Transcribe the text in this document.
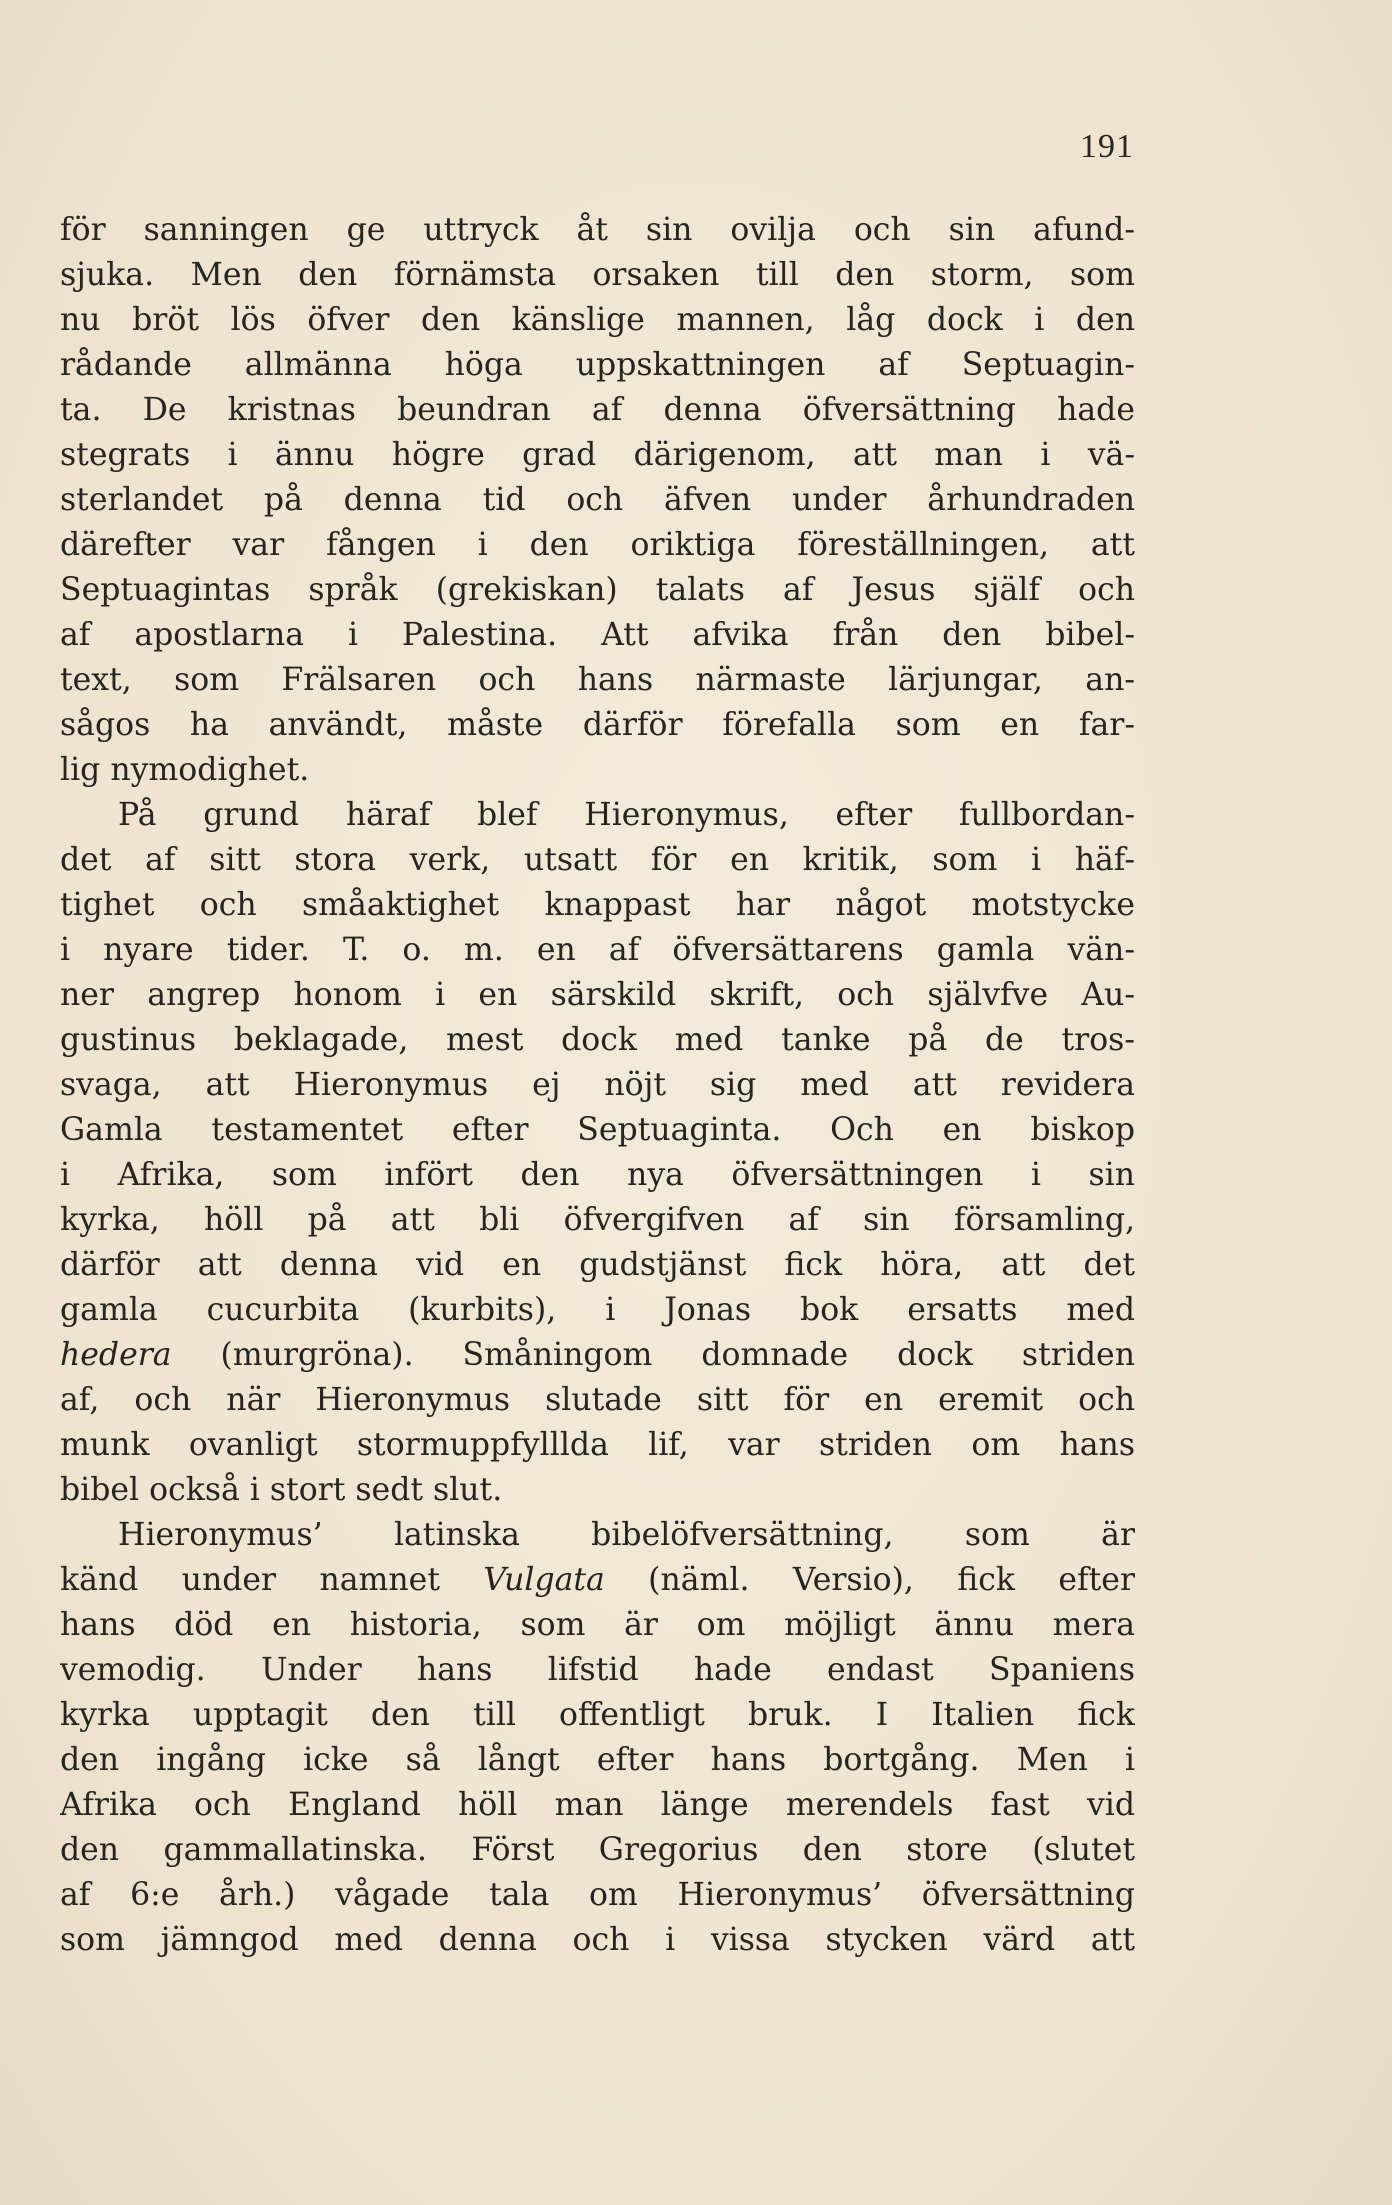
191
för sanningen ge uttryck åt sin ovilja och sin afund-
sjuka. Men den förnämsta orsaken till den storm, som
nu bröt lös öfver den känslige mannen, låg dock i den
rådande allmänna höga uppskattningen af Septuagin-
ta. De kristnas beundran af denna öfversättning hade
stegrats i ännu högre grad därigenom, att man i vä-
sterlandet på denna tid och äfven under århundraden
därefter var fången i den oriktiga föreställningen, att
Septuagintas språk (grekiskan) talats af Jesus själf och
af apostlarna i Palestina. Att afvika från den bibel-
text, som Frälsaren och hans närmaste lärjungar, an-
sågos ha användt, måste därför förefalla som en far-
lig nymodighet.
På grund häraf blef Hieronymus, efter fullbordan-
det af sitt stora verk, utsatt för en kritik, som i häf-
tighet och småaktighet knappast har något motstycke
i nyare tider. T. o. m. en af öfversättarens gamla vän-
ner angrep honom i en särskild skrift, och självfve Au-
gustinus beklagade, mest dock med tanke på de tros-
svaga, att Hieronymus ej nöjt sig med att revidera
Gamla testamentet efter Septuaginta. Och en biskop
i Afrika, som infört den nya öfversättningen i sin
kyrka, höll på att bli öfvergifven af sin församling,
därför att denna vid en gudstjänst fick höra, att det
gamla cucurbita (kurbits), i Jonas bok ersatts med
hedera (murgröna). Småningom domnade dock striden
af, och när Hieronymus slutade sitt för en eremit och
munk ovanligt stormuppfylllda lif, var striden om hans
bibel också i stort sedt slut.
Hieronymus’ latinska bibelöfversättning, som är
känd under namnet Vulgata (näml. Versio), fick efter
hans död en historia, som är om möjligt ännu mera
vemodig. Under hans lifstid hade endast Spaniens
kyrka upptagit den till offentligt bruk. I Italien fick
den ingång icke så långt efter hans bortgång. Men i
Afrika och England höll man länge merendels fast vid
den gammallatinska. Först Gregorius den store (slutet
af 6:e årh.) vågade tala om Hieronymus’ öfversättning
som jämngod med denna och i vissa stycken värd att
